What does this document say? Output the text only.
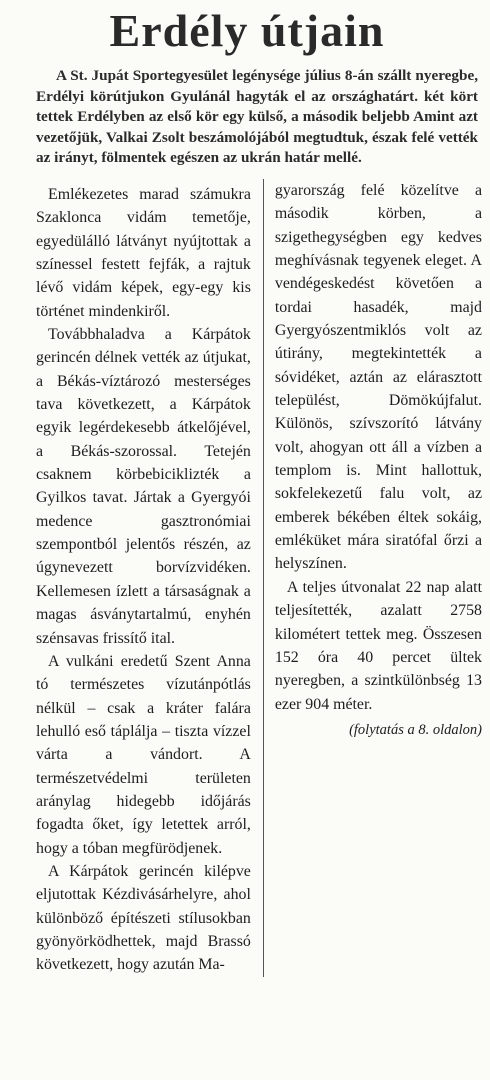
Erdély útjain

A St. Jupát Sportegyesület legénysége július 8-án szállt nyeregbe, Erdélyi körútjukon Gyulánál hagyták el az országhatárt. két kört tettek Erdélyben az első kör egy külső, a második beljebb Amint azt vezetőjük, Valkai Zsolt beszámolójából megtudtuk, észak felé vették az irányt, fölmentek egészen az ukrán határ mellé.

Emlékezetes marad számukra Szaklonca vidám temetője, egyedülálló látványt nyújtottak a színessel festett fejfák, a rajtuk lévő vidám képek, egy-egy kis történet mindenkiről.

Továbbhaladva a Kárpátok gerincén délnek vették az útjukat, a Békás-víztározó mesterséges tava következett, a Kárpátok egyik legérdekesebb átkelőjével, a Békás-szorossal. Tetején csaknem körbebiciklizték a Gyilkos tavat. Jártak a Gyergyói medence gasztronómiai szempontból jelentős részén, az úgynevezett borvízvidéken. Kellemesen ízlett a társaságnak a magas ásványtartalmú, enyhén szénsavas frissítő ital.

A vulkáni eredetű Szent Anna tó természetes vízutánpótlás nélkül – csak a kráter falára lehulló eső táplálja – tiszta vízzel várta a vándort. A természetvédelmi területen aránylag hidegebb időjárás fogadta őket, így letettek arról, hogy a tóban megfürödjenek.

A Kárpátok gerincén kilépve eljutottak Kézdivásárhelyre, ahol különböző építészeti stílusokban gyönyörködhettek, majd Brassó következett, hogy azután Ma-

gyarország felé közelítve a második körben, a szigethegységben egy kedves meghívásnak tegyenek eleget. A vendégeskedést követően a tordai hasadék, majd Gyergyószentmiklós volt az útirány, megtekintették a sóvidéket, aztán az elárasztott települést, Dömökújfalut. Különös, szívszorító látvány volt, ahogyan ott áll a vízben a templom is. Mint hallottuk, sokfelekezetű falu volt, az emberek békében éltek sokáig, emléküket mára siratófal őrzi a helyszínen.

A teljes útvonalat 22 nap alatt teljesítették, azalatt 2758 kilométert tettek meg. Összesen 152 óra 40 percet ültek nyeregben, a szintkülönbség 13 ezer 904 méter.

(folytatás a 8. oldalon)
